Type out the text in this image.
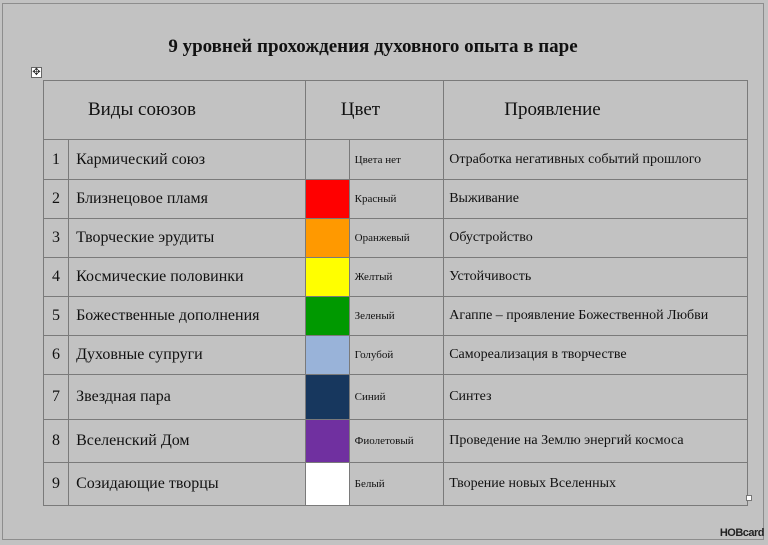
9 уровней прохождения духовного опыта в паре
✥
Виды союзов		Цвет		Проявление
1	Кармический союз		Цвета нет	Отработка негативных событий прошлого
2	Близнецовое пламя		Красный	Выживание
3	Творческие эрудиты		Оранжевый	Обустройство
4	Космические половинки		Желтый	Устойчивость
5	Божественные дополнения		Зеленый	Агаппе – проявление Божественной Любви
6	Духовные супруги		Голубой	Самореализация в творчестве
7	Звездная пара		Синий	Синтез
8	Вселенский Дом		Фиолетовый	Проведение на Землю энергий космоса
9	Созидающие творцы		Белый	Творение новых Вселенных
HOBcard
